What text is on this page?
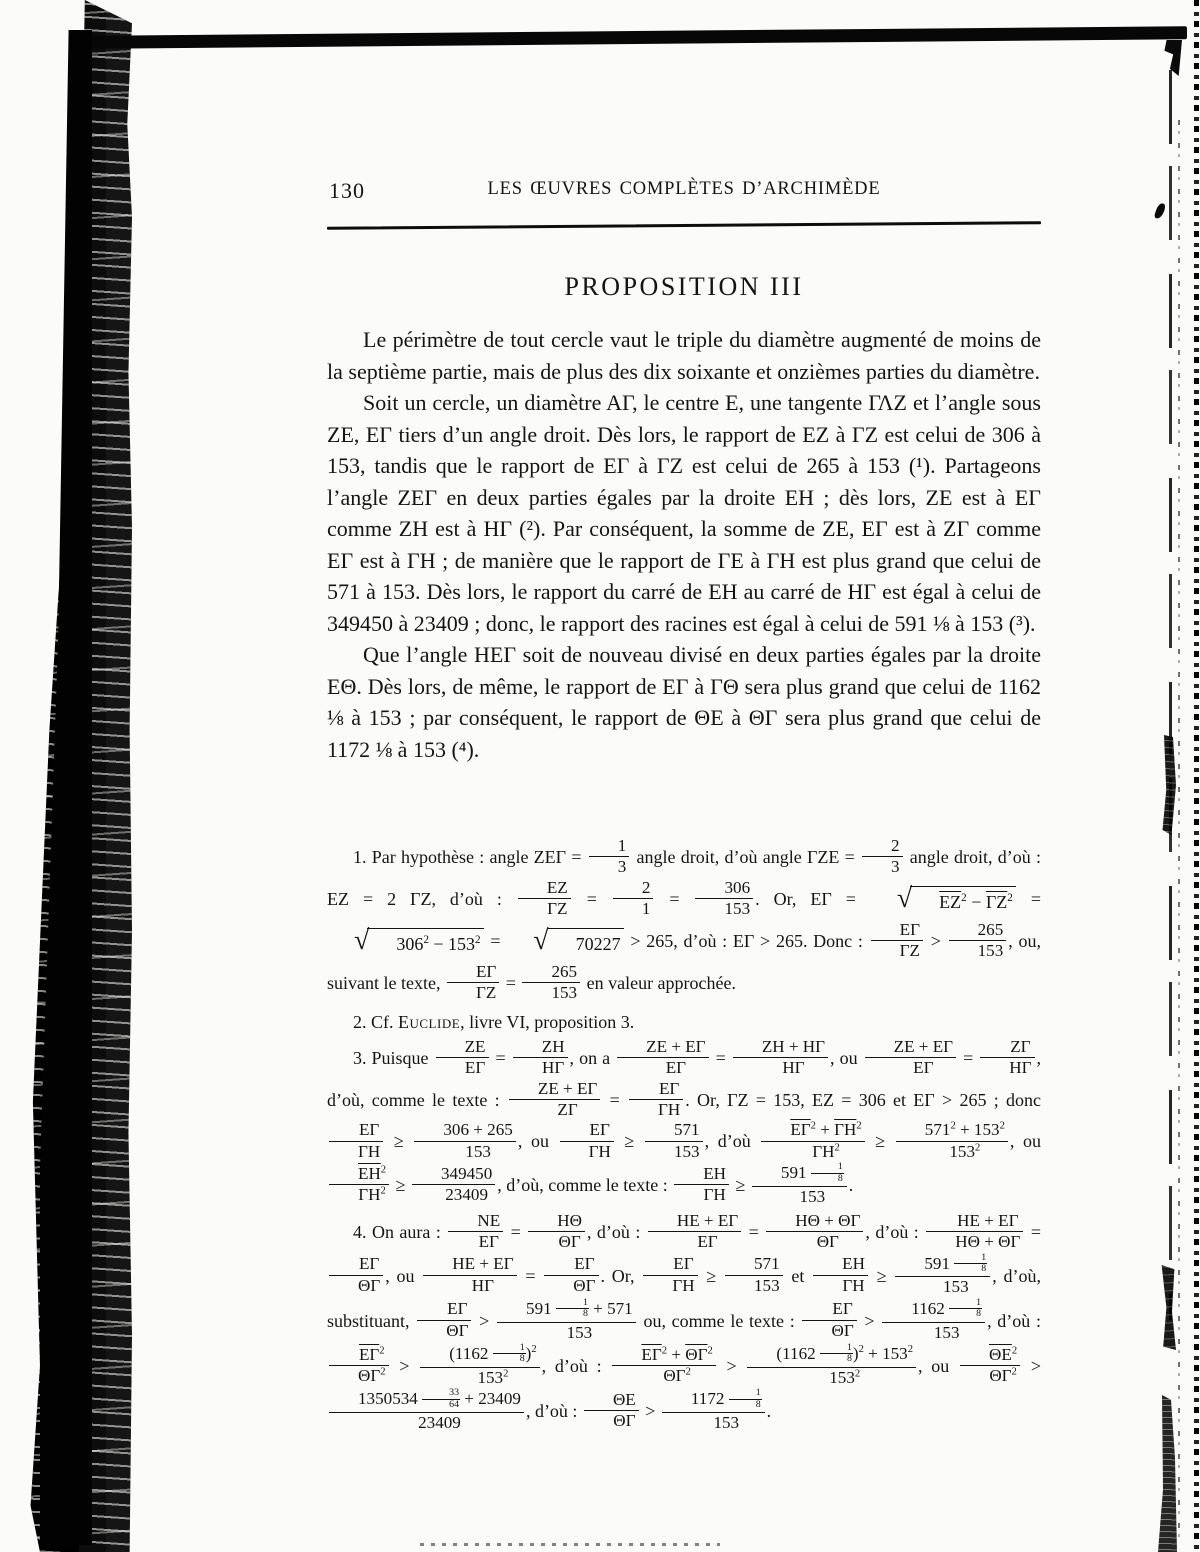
130	LES ŒUVRES COMPLÈTES D’ARCHIMÈDE
PROPOSITION III

Le périmètre de tout cercle vaut le triple du diamètre augmenté de moins de la septième partie, mais de plus des dix soixante et onzièmes parties du diamètre.

Soit un cercle, un diamètre AΓ, le centre E, une tangente ΓΛZ et l’angle sous ZE, EΓ tiers d’un angle droit. Dès lors, le rapport de EZ à ΓZ est celui de 306 à 153, tandis que le rapport de EΓ à ΓZ est celui de 265 à 153 (¹). Partageons l’angle ZEΓ en deux parties égales par la droite EH ; dès lors, ZE est à EΓ comme ZH est à HΓ (²). Par conséquent, la somme de ZE, EΓ est à ZΓ comme EΓ est à ΓH ; de manière que le rapport de ΓE à ΓH est plus grand que celui de 571 à 153. Dès lors, le rapport du carré de EH au carré de HΓ est égal à celui de 349450 à 23409 ; donc, le rapport des racines est égal à celui de 591 ⅛ à 153 (³).

Que l’angle HEΓ soit de nouveau divisé en deux parties égales par la droite EΘ. Dès lors, de même, le rapport de EΓ à ΓΘ sera plus grand que celui de 1162 ⅛ à 153 ; par conséquent, le rapport de ΘE à ΘΓ sera plus grand que celui de 1172 ⅛ à 153 (⁴).

1. Par hypothèse : angle $ZE\Gamma = \frac{1}{3}$ angle droit, d’où angle $\Gamma ZE = \frac{2}{3}$ angle droit, d’où : EZ = 2 ΓZ, d’où : $\frac{EZ}{\Gamma Z} = \frac{2}{1} = \frac{306}{153}$ . Or, EΓ = √	$EZ^2 - \overline{\Gamma Z}^2$ =
√	$306^2 - 153^2$ = √	70227 > 265, d’où : EΓ > 265. Donc : $\frac{E\Gamma}{\Gamma Z} > \frac{265}{153}$ , ou, suivant le texte, $\frac{E\Gamma}{\Gamma Z} = \frac{265}{153}$ en valeur approchée.

2. Cf. Euclide, livre VI, proposition 3.

3. Puisque $\frac{ZE}{E\Gamma} = \frac{ZH}{H\Gamma}$ , on a $\frac{ZE + E\Gamma}{E\Gamma} = \frac{ZH + H\Gamma}{H\Gamma}$ , ou $\frac{ZE + E\Gamma}{E\Gamma} = \frac{Z\Gamma}{H\Gamma}$ , d’où, comme le texte : $\frac{ZE + E\Gamma}{Z\Gamma} = \frac{E\Gamma}{\Gamma H}$ . Or, ΓZ = 153, EZ = 306 et EΓ > 265 ; donc
$\frac{E\Gamma}{\Gamma H} \ge \frac{306 + 265}{153}$ , ou $\frac{E\Gamma}{\Gamma H} \ge \frac{571}{153}$ , d’où $\frac{\overline{E\Gamma}^2 + \overline{\Gamma H}^2}{\overline{\Gamma H}^2} \ge \frac{571^2 + 153^2}{153^2}$ , ou
$\frac{\overline{EH}^2}{\overline{\Gamma H}^2} \ge \frac{349450}{23409}$ , d’où, comme le texte : $\frac{EH}{\Gamma H} \ge \frac{591 \frac{1}{8}}{153}$ .

4. On aura : $\frac{NE}{E\Gamma} = \frac{H\Theta}{\Theta\Gamma}$ , d’où : $\frac{HE + E\Gamma}{E\Gamma} = \frac{H\Theta + \Theta\Gamma}{\Theta\Gamma}$ , d’où : $\frac{HE + E\Gamma}{H\Theta + \Theta\Gamma}$ =
$\frac{E\Gamma}{\Theta\Gamma}$ , ou $\frac{HE + E\Gamma}{H\Gamma} = \frac{E\Gamma}{\Theta\Gamma}$ . Or, $\frac{E\Gamma}{\Gamma H} \ge \frac{571}{153}$ et $\frac{EH}{\Gamma H} \ge \frac{591 \frac{1}{8}}{153}$ , d’où, substituant, $\frac{E\Gamma}{\Theta\Gamma} > \frac{591 \frac{1}{8} + 571}{153}$ ou, comme le texte : $\frac{E\Gamma}{\Theta\Gamma} > \frac{1162 \frac{1}{8}}{153}$ , d’où :
$\frac{\overline{E\Gamma}^2}{\overline{\Theta\Gamma}^2} > \frac{(1162 \frac{1}{8} )^2}{153^2}$ , d’où : $\frac{\overline{E\Gamma}^2 + \overline{\Theta\Gamma}^2}{\overline{\Theta\Gamma}^2} > \frac{(1162 \frac{1}{8} )^2 + 153^2}{153^2}$ , ou $\frac{\overline{\Theta E}^2}{\overline{\Theta\Gamma}^2}$ >
$\frac{1350534 \frac{33}{64} + 23409}{23409}$ , d’où : $\frac{\Theta E}{\Theta\Gamma} > \frac{1172 \frac{1}{8}}{153}$ .
